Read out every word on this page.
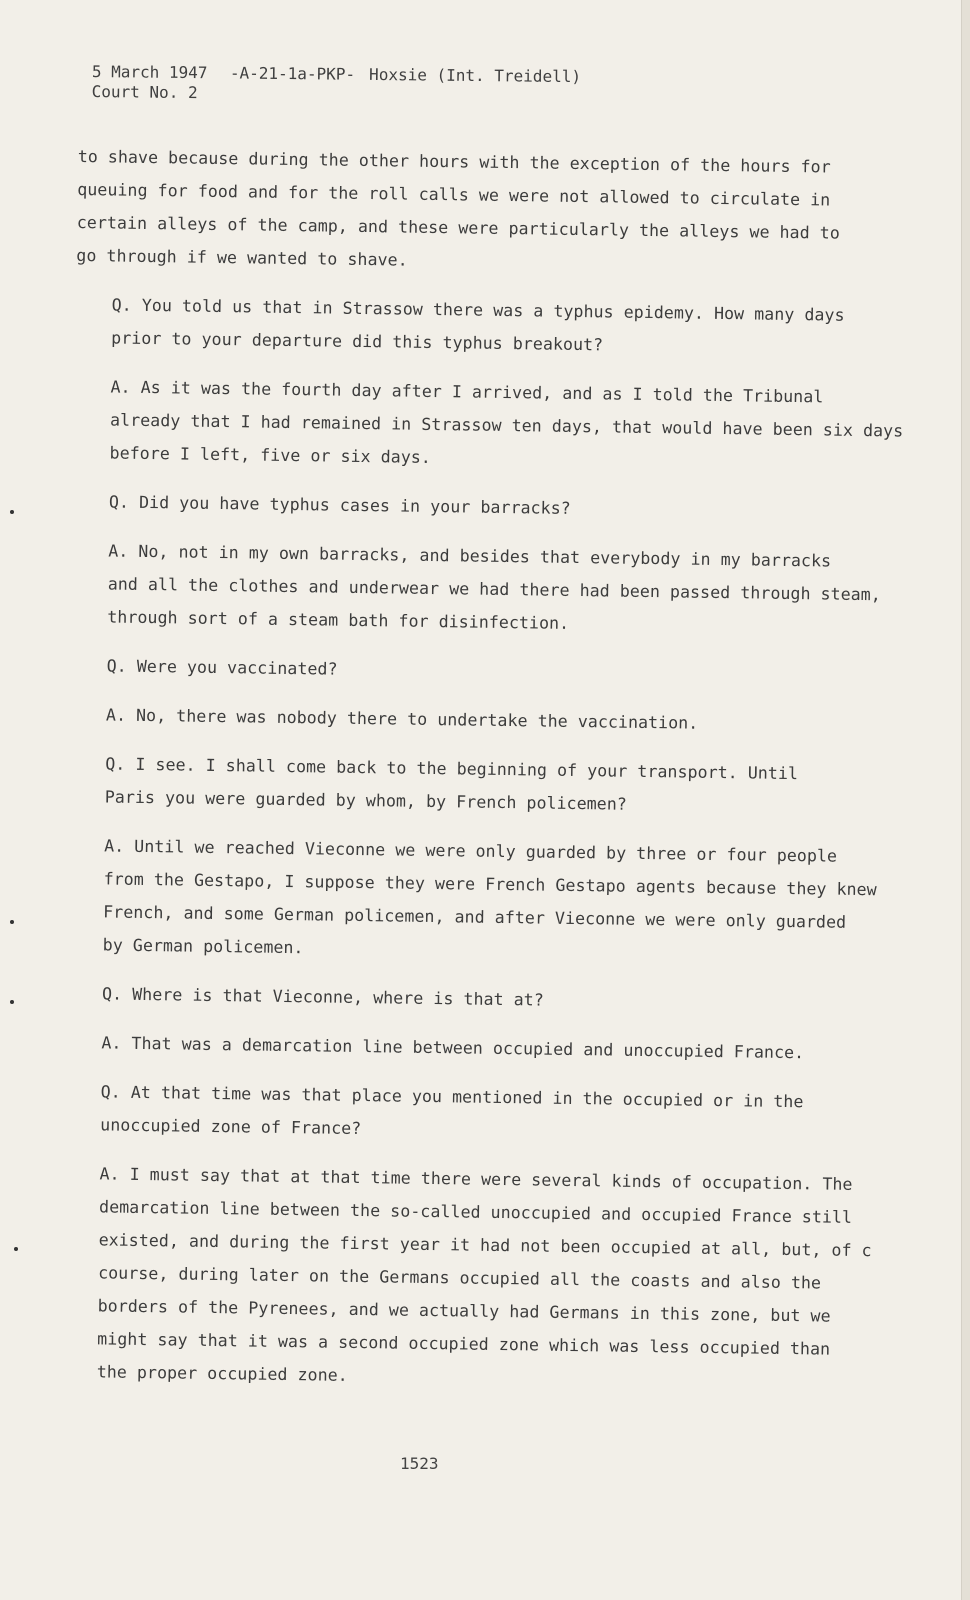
5 March 1947	-A-21-1a-PKP- Hoxsie (Int. Treidell)
Court No. 2
to shave because during the other hours with the exception of the hours for
queuing for food and for the roll calls we were not allowed to circulate in
certain alleys of the camp, and these were particularly the alleys we had to
go through if we wanted to shave.
Q. You told us that in Strassow there was a typhus epidemy. How many days
prior to your departure did this typhus breakout?
A. As it was the fourth day after I arrived, and as I told the Tribunal
already that I had remained in Strassow ten days, that would have been six days
before I left, five or six days.
Q. Did you have typhus cases in your barracks?
A. No, not in my own barracks, and besides that everybody in my barracks
and all the clothes and underwear we had there had been passed through steam,
through sort of a steam bath for disinfection.
Q. Were you vaccinated?
A. No, there was nobody there to undertake the vaccination.
Q. I see. I shall come back to the beginning of your transport. Until
Paris you were guarded by whom, by French policemen?
A. Until we reached Vieconne we were only guarded by three or four people
from the Gestapo, I suppose they were French Gestapo agents because they knew
French, and some German policemen, and after Vieconne we were only guarded
by German policemen.
Q. Where is that Vieconne, where is that at?
A. That was a demarcation line between occupied and unoccupied France.
Q. At that time was that place you mentioned in the occupied or in the
unoccupied zone of France?
A. I must say that at that time there were several kinds of occupation. The
demarcation line between the so-called unoccupied and occupied France still
existed, and during the first year it had not been occupied at all, but, of c
course, during later on the Germans occupied all the coasts and also the
borders of the Pyrenees, and we actually had Germans in this zone, but we
might say that it was a second occupied zone which was less occupied than
the proper occupied zone.
1523
